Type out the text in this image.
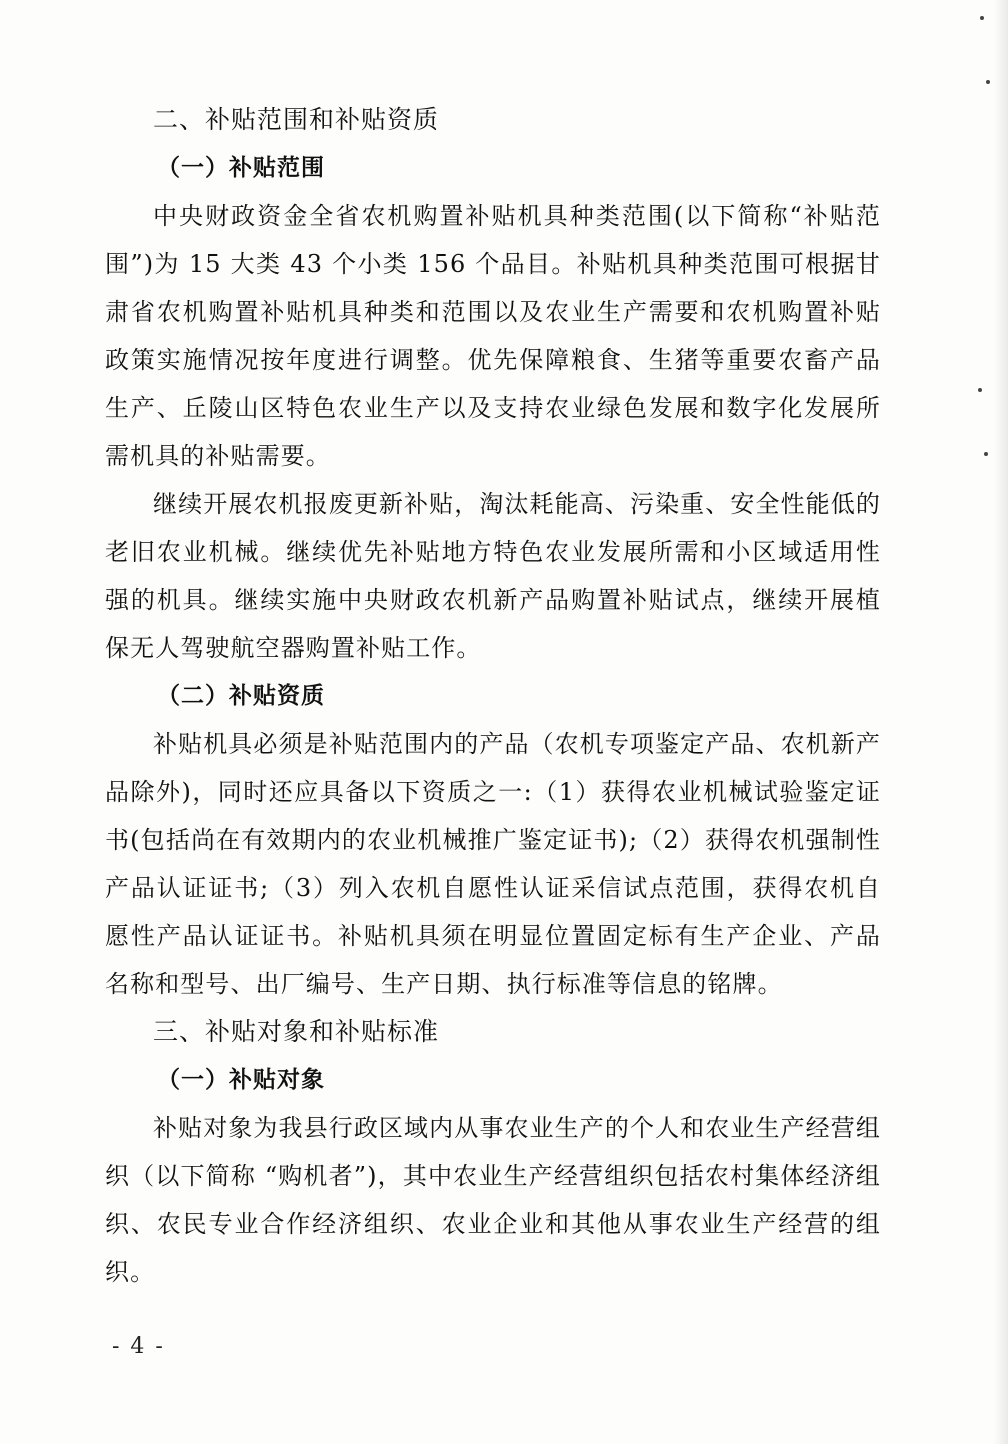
二、补贴范围和补贴资质
（一）补贴范围

中央财政资金全省农机购置补贴机具种类范围(以下简称“补贴范围”)为 15 大类 43 个小类 156 个品目。补贴机具种类范围可根据甘肃省农机购置补贴机具种类和范围以及农业生产需要和农机购置补贴政策实施情况按年度进行调整。优先保障粮食、生猪等重要农畜产品生产、丘陵山区特色农业生产以及支持农业绿色发展和数字化发展所需机具的补贴需要。

继续开展农机报废更新补贴，淘汰耗能高、污染重、安全性能低的老旧农业机械。继续优先补贴地方特色农业发展所需和小区域适用性强的机具。继续实施中央财政农机新产品购置补贴试点，继续开展植保无人驾驶航空器购置补贴工作。

（二）补贴资质

补贴机具必须是补贴范围内的产品（农机专项鉴定产品、农机新产品除外)，同时还应具备以下资质之一:（1）获得农业机械试验鉴定证书(包括尚在有效期内的农业机械推广鉴定证书);（2）获得农机强制性产品认证证书;（3）列入农机自愿性认证采信试点范围，获得农机自愿性产品认证证书。补贴机具须在明显位置固定标有生产企业、产品名称和型号、出厂编号、生产日期、执行标准等信息的铭牌。

三、补贴对象和补贴标准
（一）补贴对象

补贴对象为我县行政区域内从事农业生产的个人和农业生产经营组织（以下简称 “购机者”)，其中农业生产经营组织包括农村集体经济组织、农民专业合作经济组织、农业企业和其他从事农业生产经营的组织。

- 4 -
